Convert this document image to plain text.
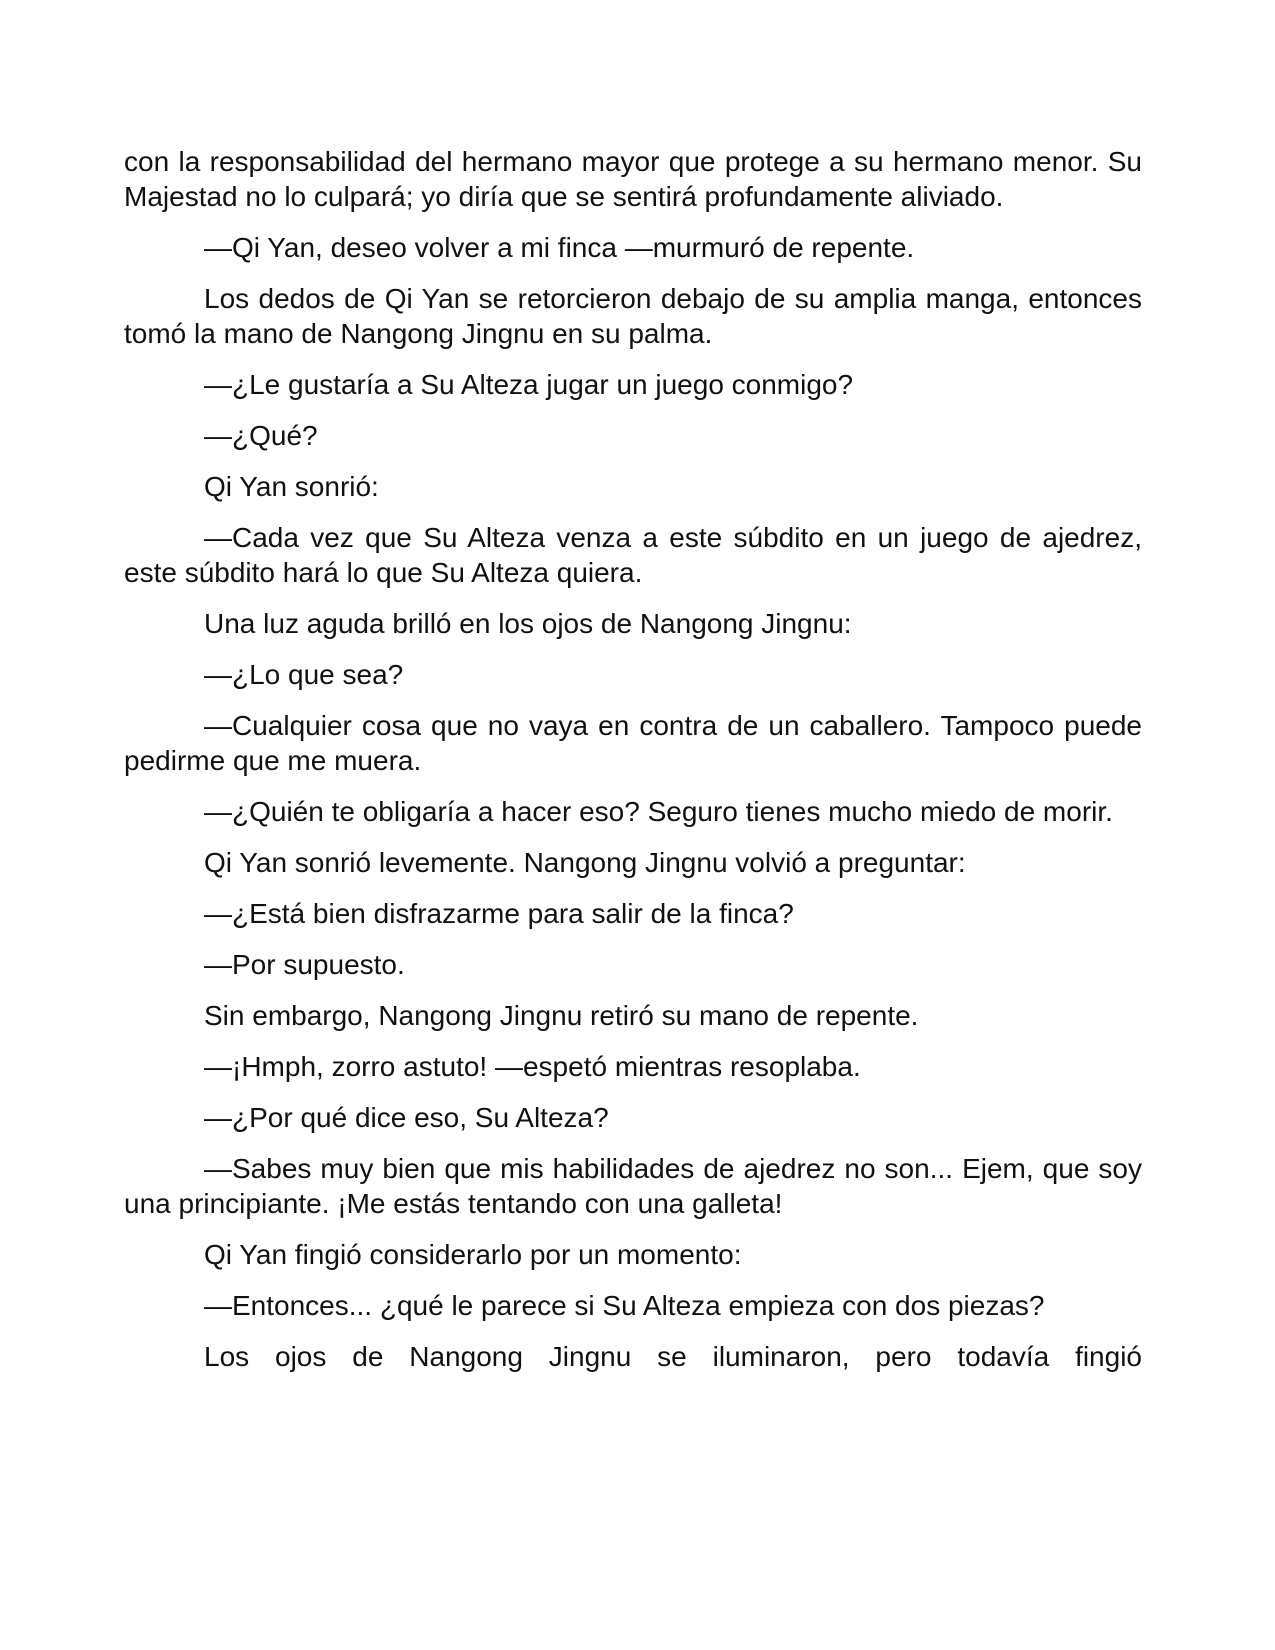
con la responsabilidad del hermano mayor que protege a su hermano menor. Su Majestad no lo culpará; yo diría que se sentirá profundamente aliviado.

—Qi Yan, deseo volver a mi finca —murmuró de repente.

Los dedos de Qi Yan se retorcieron debajo de su amplia manga, entonces tomó la mano de Nangong Jingnu en su palma.

—¿Le gustaría a Su Alteza jugar un juego conmigo?

—¿Qué?

Qi Yan sonrió:

—Cada vez que Su Alteza venza a este súbdito en un juego de ajedrez, este súbdito hará lo que Su Alteza quiera.

Una luz aguda brilló en los ojos de Nangong Jingnu:

—¿Lo que sea?

—Cualquier cosa que no vaya en contra de un caballero. Tampoco puede pedirme que me muera.

—¿Quién te obligaría a hacer eso? Seguro tienes mucho miedo de morir.

Qi Yan sonrió levemente. Nangong Jingnu volvió a preguntar:

—¿Está bien disfrazarme para salir de la finca?

—Por supuesto.

Sin embargo, Nangong Jingnu retiró su mano de repente.

—¡Hmph, zorro astuto! —espetó mientras resoplaba.

—¿Por qué dice eso, Su Alteza?

—Sabes muy bien que mis habilidades de ajedrez no son... Ejem, que soy una principiante. ¡Me estás tentando con una galleta!

Qi Yan fingió considerarlo por un momento:

—Entonces... ¿qué le parece si Su Alteza empieza con dos piezas?

Los ojos de Nangong Jingnu se iluminaron, pero todavía fingió
